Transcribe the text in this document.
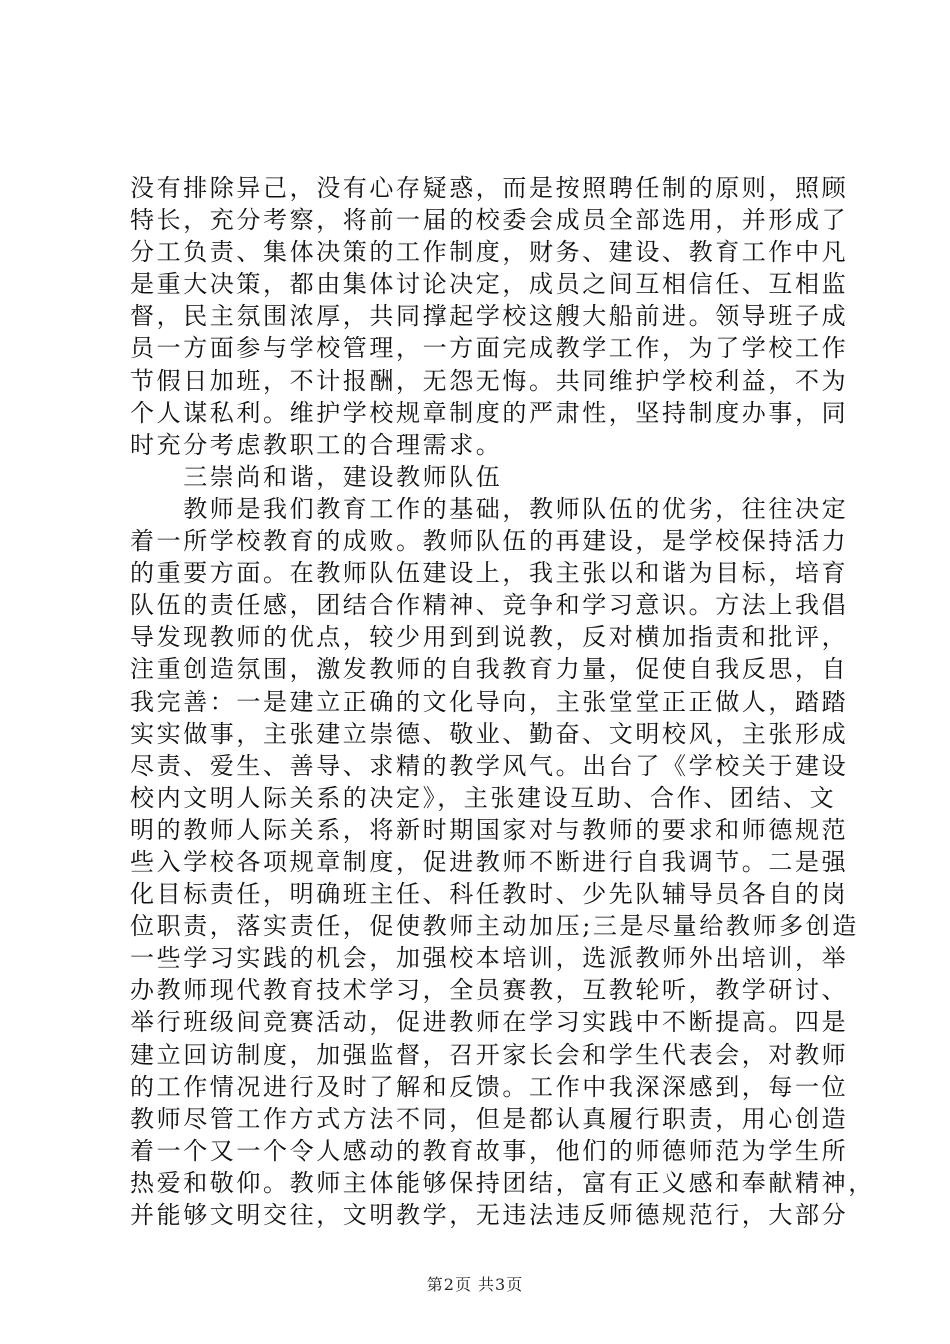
没有排除异己，没有心存疑惑，而是按照聘任制的原则，照顾
特长，充分考察，将前一届的校委会成员全部选用，并形成了
分工负责、集体决策的工作制度，财务、建设、教育工作中凡
是重大决策，都由集体讨论决定，成员之间互相信任、互相监
督，民主氛围浓厚，共同撑起学校这艘大船前进。领导班子成
员一方面参与学校管理，一方面完成教学工作，为了学校工作
节假日加班，不计报酬，无怨无悔。共同维护学校利益，不为
个人谋私利。维护学校规章制度的严肃性，坚持制度办事，同
时充分考虑教职工的合理需求。
　　三崇尚和谐，建设教师队伍
　　教师是我们教育工作的基础，教师队伍的优劣，往往决定
着一所学校教育的成败。教师队伍的再建设，是学校保持活力
的重要方面。在教师队伍建设上，我主张以和谐为目标，培育
队伍的责任感，团结合作精神、竞争和学习意识。方法上我倡
导发现教师的优点，较少用到到说教，反对横加指责和批评，
注重创造氛围，激发教师的自我教育力量，促使自我反思，自
我完善：一是建立正确的文化导向，主张堂堂正正做人，踏踏
实实做事，主张建立崇德、敬业、勤奋、文明校风，主张形成
尽责、爱生、善导、求精的教学风气。出台了《学校关于建设
校内文明人际关系的决定》，主张建设互助、合作、团结、文
明的教师人际关系，将新时期国家对与教师的要求和师德规范
些入学校各项规章制度，促进教师不断进行自我调节。二是强
化目标责任，明确班主任、科任教时、少先队辅导员各自的岗
位职责，落实责任，促使教师主动加压;三是尽量给教师多创造
一些学习实践的机会，加强校本培训，选派教师外出培训，举
办教师现代教育技术学习，全员赛教，互教轮听，教学研讨、
举行班级间竞赛活动，促进教师在学习实践中不断提高。四是
建立回访制度，加强监督，召开家长会和学生代表会，对教师
的工作情况进行及时了解和反馈。工作中我深深感到，每一位
教师尽管工作方式方法不同，但是都认真履行职责，用心创造
着一个又一个令人感动的教育故事，他们的师德师范为学生所
热爱和敬仰。教师主体能够保持团结，富有正义感和奉献精神，
并能够文明交往，文明教学，无违法违反师德规范行，大部分
第2页 共3页
